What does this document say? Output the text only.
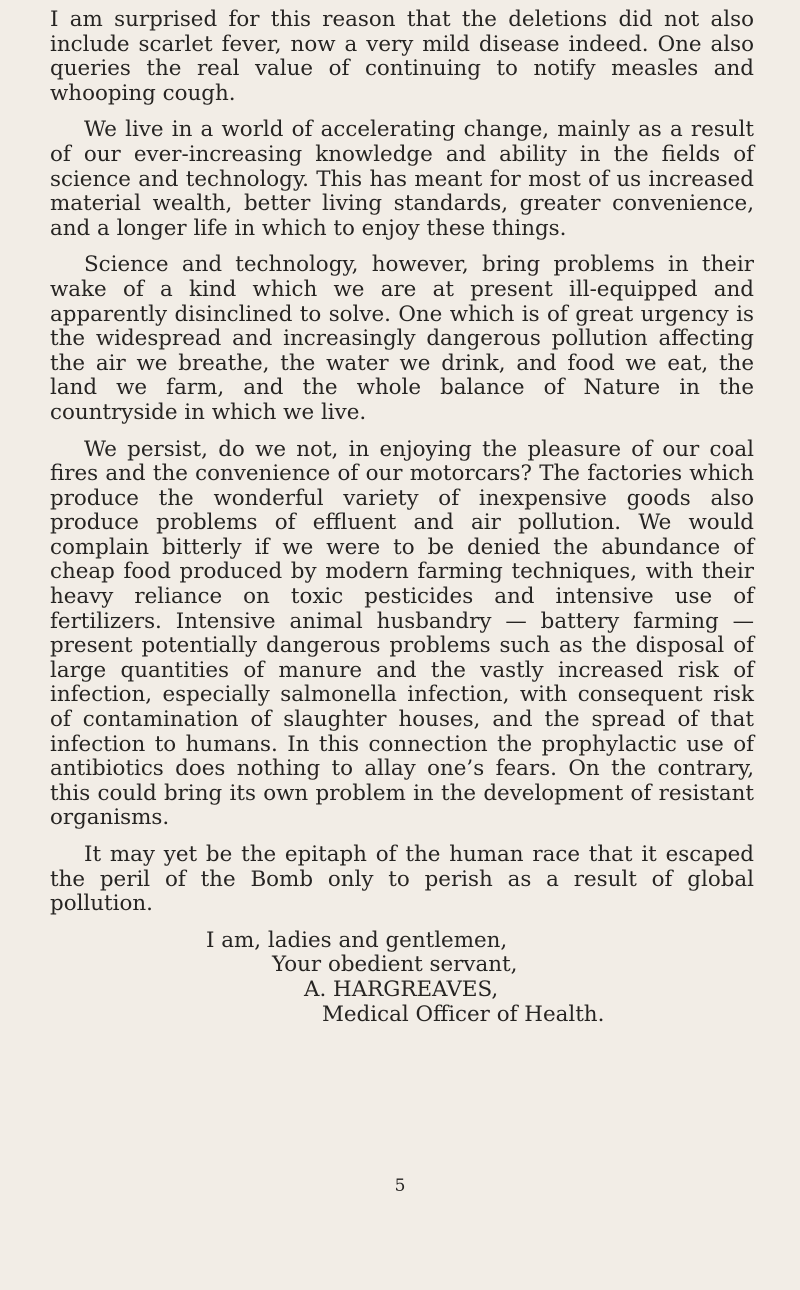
I am surprised for this reason that the deletions did not also include scarlet fever, now a very mild disease indeed. One also queries the real value of continuing to notify measles and whooping cough.

We live in a world of accelerating change, mainly as a result of our ever-increasing knowledge and ability in the fields of science and technology. This has meant for most of us increased material wealth, better living standards, greater convenience, and a longer life in which to enjoy these things.

Science and technology, however, bring problems in their wake of a kind which we are at present ill-equipped and apparently disinclined to solve. One which is of great urgency is the widespread and increasingly dangerous pollution affecting the air we breathe, the water we drink, and food we eat, the land we farm, and the whole balance of Nature in the countryside in which we live.

We persist, do we not, in enjoying the pleasure of our coal fires and the convenience of our motorcars? The factories which produce the wonderful variety of inexpensive goods also produce problems of effluent and air pollution. We would complain bitterly if we were to be denied the abundance of cheap food produced by modern farming techniques, with their heavy reliance on toxic pesticides and intensive use of fertilizers. Intensive animal husbandry — battery farming — present potentially dangerous problems such as the disposal of large quantities of manure and the vastly increased risk of infection, especially salmonella infection, with consequent risk of contamination of slaughter houses, and the spread of that infection to humans. In this connection the prophylactic use of antibiotics does nothing to allay one’s fears. On the contrary, this could bring its own problem in the development of resistant organisms.

It may yet be the epitaph of the human race that it escaped the peril of the Bomb only to perish as a result of global pollution.

I am, ladies and gentlemen,
Your obedient servant,
A. HARGREAVES,
Medical Officer of Health.
5
